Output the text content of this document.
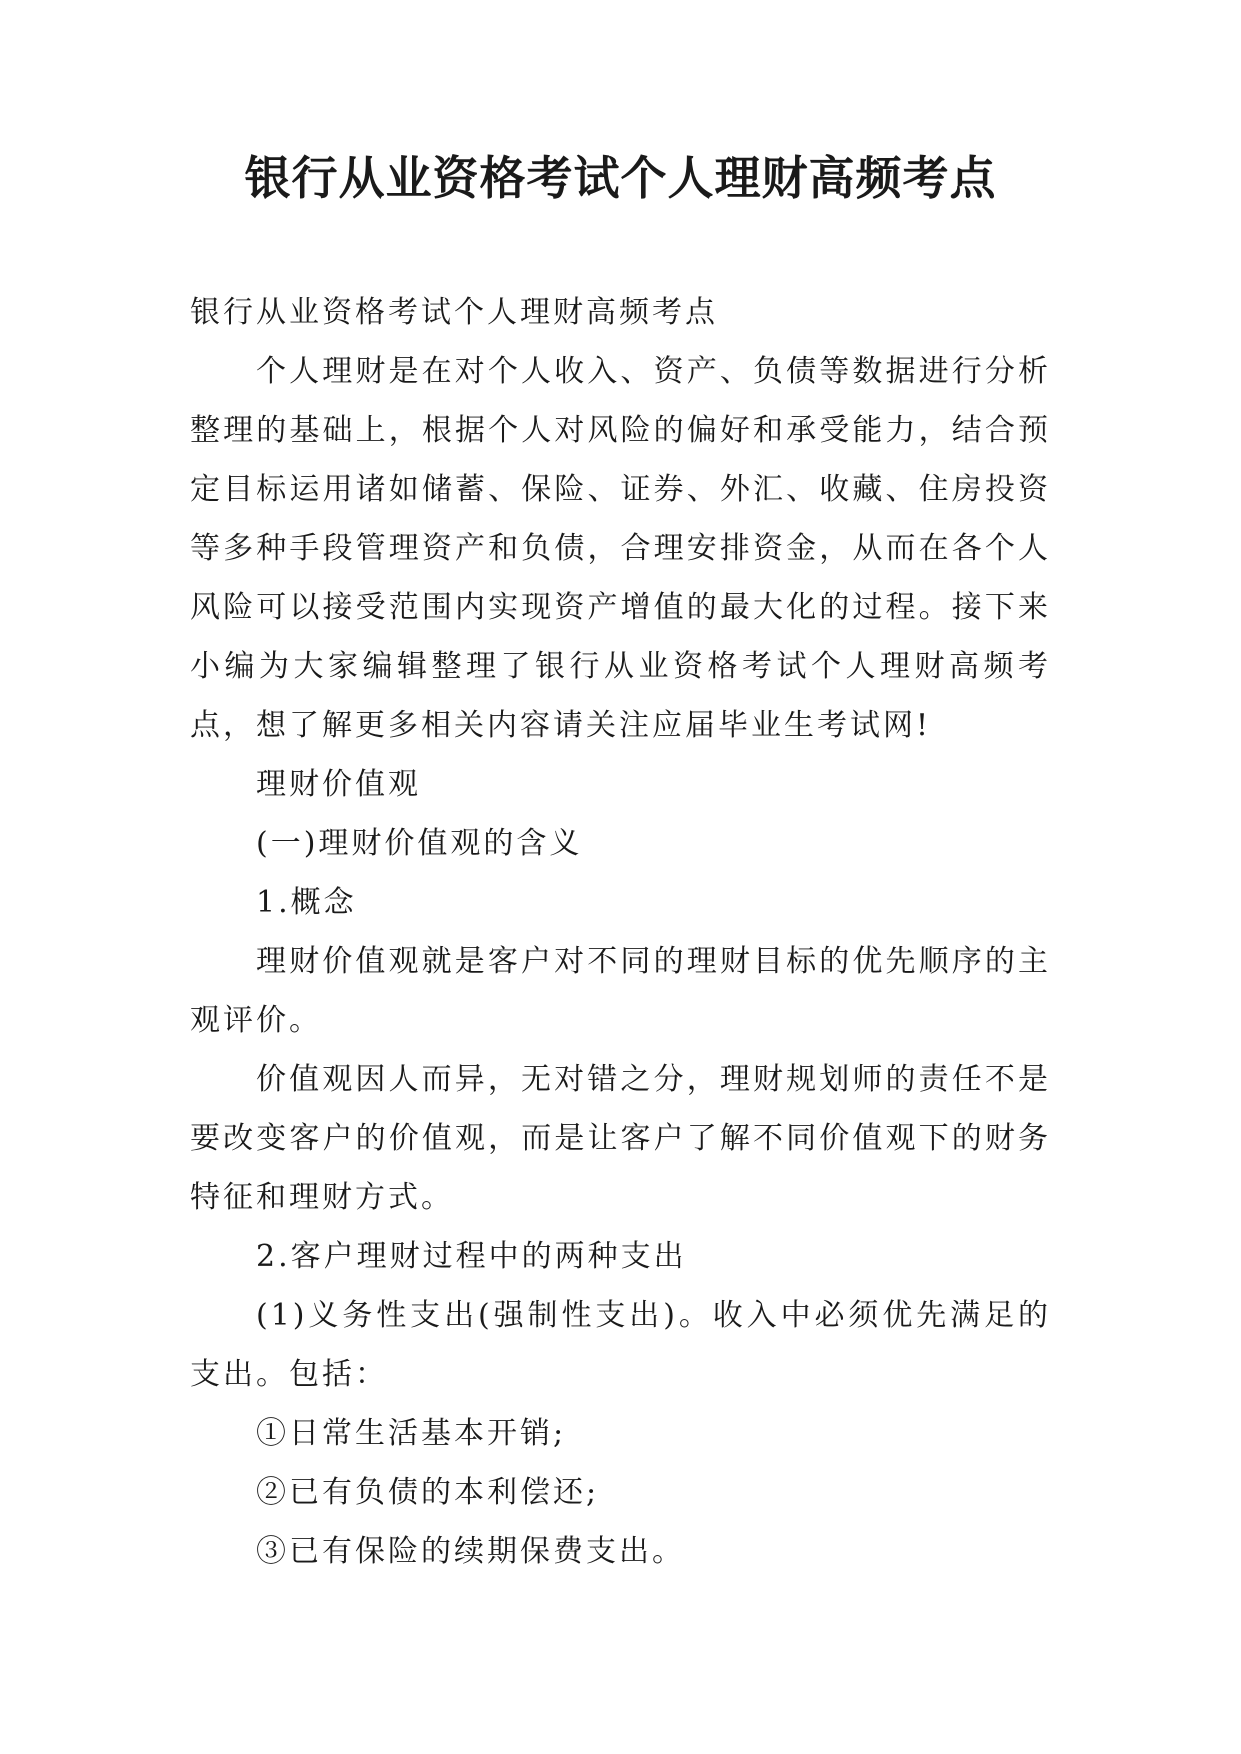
银行从业资格考试个人理财高频考点

银行从业资格考试个人理财高频考点

个人理财是在对个人收入、资产、负债等数据进行分析整理的基础上，根据个人对风险的偏好和承受能力，结合预定目标运用诸如储蓄、保险、证券、外汇、收藏、住房投资等多种手段管理资产和负债，合理安排资金，从而在各个人风险可以接受范围内实现资产增值的最大化的过程。接下来小编为大家编辑整理了银行从业资格考试个人理财高频考点，想了解更多相关内容请关注应届毕业生考试网!

理财价值观

(一)理财价值观的含义

1.概念

理财价值观就是客户对不同的理财目标的优先顺序的主观评价。

价值观因人而异，无对错之分，理财规划师的责任不是要改变客户的价值观，而是让客户了解不同价值观下的财务特征和理财方式。

2.客户理财过程中的两种支出

(1)义务性支出(强制性支出)。收入中必须优先满足的支出。包括：

①日常生活基本开销;

②已有负债的本利偿还;

③已有保险的续期保费支出。
